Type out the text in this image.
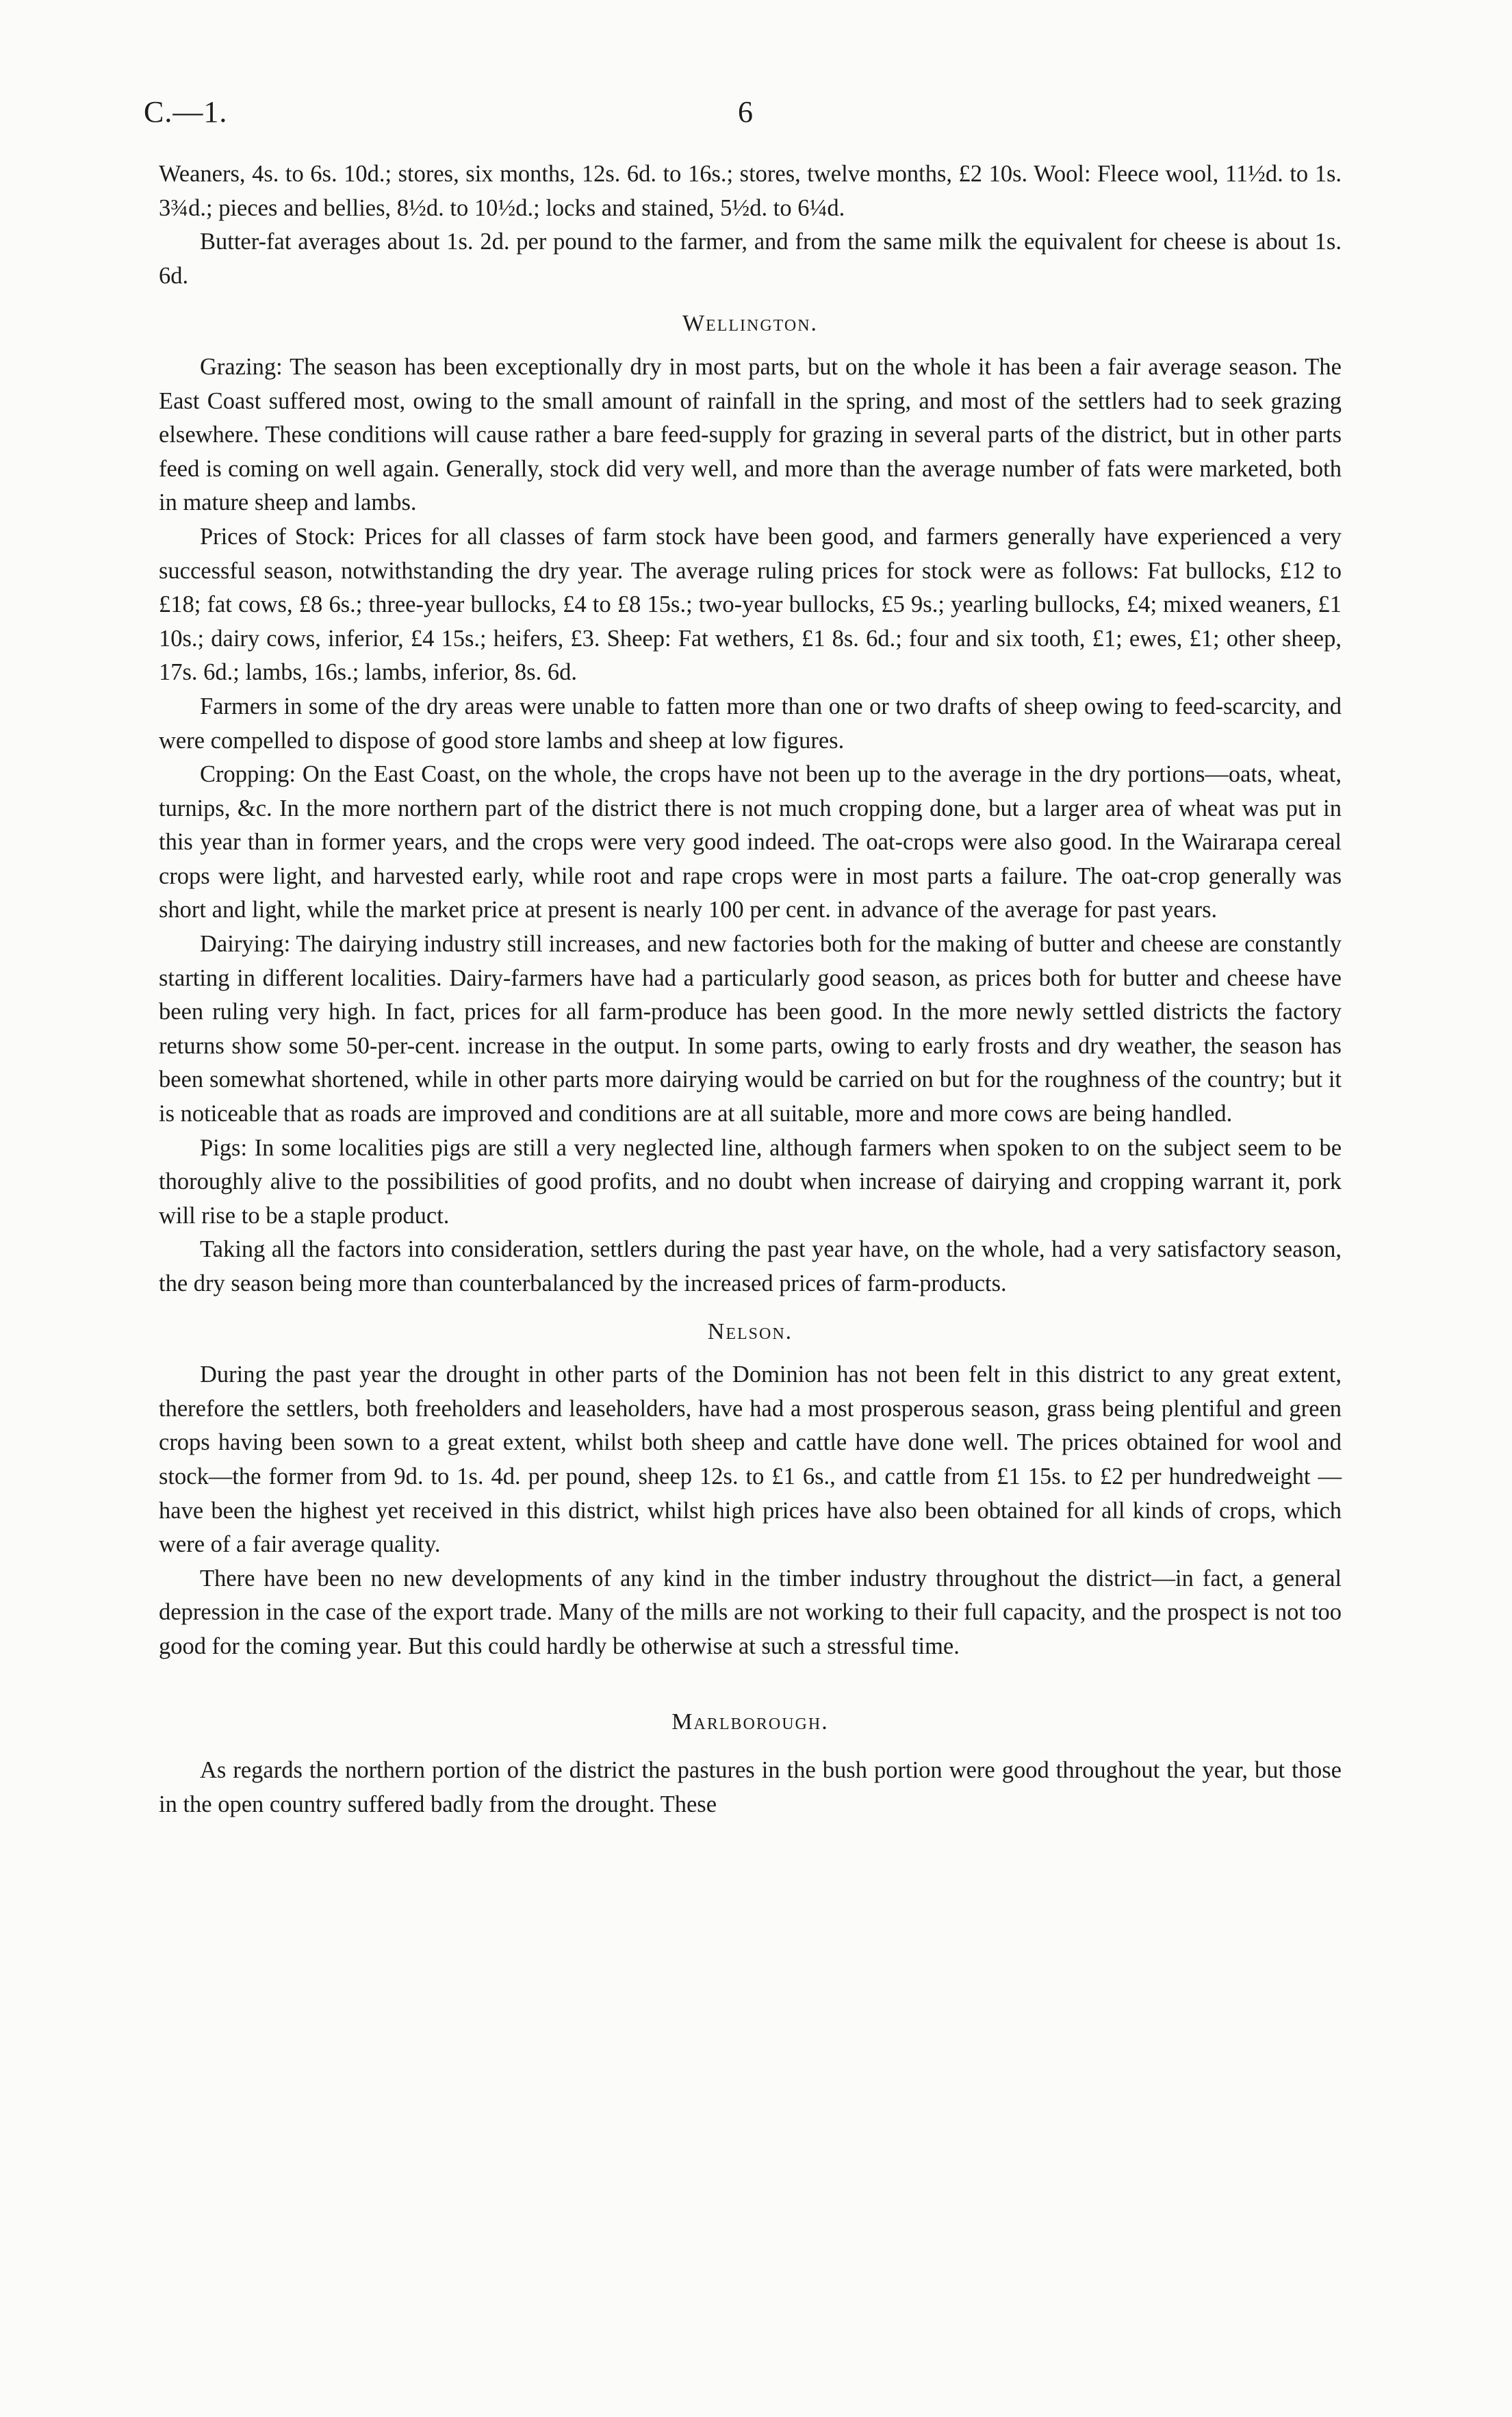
C.—1.	6

Weaners, 4s. to 6s. 10d.; stores, six months, 12s. 6d. to 16s.; stores, twelve months, £2 10s. Wool: Fleece wool, 11½d. to 1s. 3¾d.; pieces and bellies, 8½d. to 10½d.; locks and stained, 5½d. to 6¼d.

Butter-fat averages about 1s. 2d. per pound to the farmer, and from the same milk the equivalent for cheese is about 1s. 6d.

Wellington.

Grazing: The season has been exceptionally dry in most parts, but on the whole it has been a fair average season. The East Coast suffered most, owing to the small amount of rainfall in the spring, and most of the settlers had to seek grazing elsewhere. These conditions will cause rather a bare feed-supply for grazing in several parts of the district, but in other parts feed is coming on well again. Generally, stock did very well, and more than the average number of fats were marketed, both in mature sheep and lambs.

Prices of Stock: Prices for all classes of farm stock have been good, and farmers generally have experienced a very successful season, notwithstanding the dry year. The average ruling prices for stock were as follows: Fat bullocks, £12 to £18; fat cows, £8 6s.; three-year bullocks, £4 to £8 15s.; two-year bullocks, £5 9s.; yearling bullocks, £4; mixed weaners, £1 10s.; dairy cows, inferior, £4 15s.; heifers, £3. Sheep: Fat wethers, £1 8s. 6d.; four and six tooth, £1; ewes, £1; other sheep, 17s. 6d.; lambs, 16s.; lambs, inferior, 8s. 6d.

Farmers in some of the dry areas were unable to fatten more than one or two drafts of sheep owing to feed-scarcity, and were compelled to dispose of good store lambs and sheep at low figures.

Cropping: On the East Coast, on the whole, the crops have not been up to the average in the dry portions—oats, wheat, turnips, &c. In the more northern part of the district there is not much cropping done, but a larger area of wheat was put in this year than in former years, and the crops were very good indeed. The oat-crops were also good. In the Wairarapa cereal crops were light, and harvested early, while root and rape crops were in most parts a failure. The oat-crop generally was short and light, while the market price at present is nearly 100 per cent. in advance of the average for past years.

Dairying: The dairying industry still increases, and new factories both for the making of butter and cheese are constantly starting in different localities. Dairy-farmers have had a particularly good season, as prices both for butter and cheese have been ruling very high. In fact, prices for all farm-produce has been good. In the more newly settled districts the factory returns show some 50-per-cent. increase in the output. In some parts, owing to early frosts and dry weather, the season has been somewhat shortened, while in other parts more dairying would be carried on but for the roughness of the country; but it is noticeable that as roads are improved and conditions are at all suitable, more and more cows are being handled.

Pigs: In some localities pigs are still a very neglected line, although farmers when spoken to on the subject seem to be thoroughly alive to the possibilities of good profits, and no doubt when increase of dairying and cropping warrant it, pork will rise to be a staple product.

Taking all the factors into consideration, settlers during the past year have, on the whole, had a very satisfactory season, the dry season being more than counterbalanced by the increased prices of farm-products.

Nelson.

During the past year the drought in other parts of the Dominion has not been felt in this district to any great extent, therefore the settlers, both freeholders and leaseholders, have had a most prosperous season, grass being plentiful and green crops having been sown to a great extent, whilst both sheep and cattle have done well. The prices obtained for wool and stock—the former from 9d. to 1s. 4d. per pound, sheep 12s. to £1 6s., and cattle from £1 15s. to £2 per hundredweight — have been the highest yet received in this district, whilst high prices have also been obtained for all kinds of crops, which were of a fair average quality.

There have been no new developments of any kind in the timber industry throughout the district—in fact, a general depression in the case of the export trade. Many of the mills are not working to their full capacity, and the prospect is not too good for the coming year. But this could hardly be otherwise at such a stressful time.

Marlborough.

As regards the northern portion of the district the pastures in the bush portion were good throughout the year, but those in the open country suffered badly from the drought. These
